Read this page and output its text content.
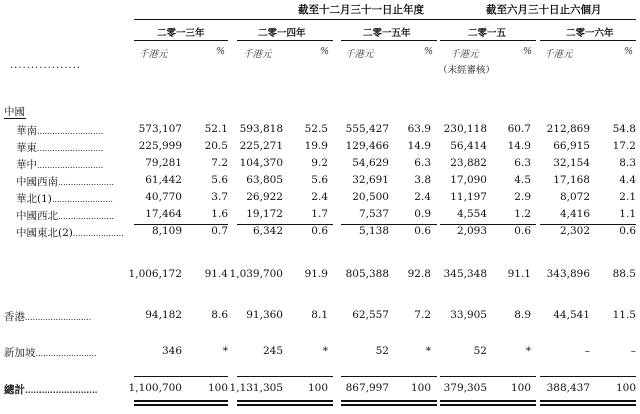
截至十二月三十一日止年度	截至六月三十日止六個月
二零一三年	二零一四年	二零一五年	二零一五	二零一六年
千港元	% 千港元	% 千港元	% 千港元	% 千港元	%
.................	（未經審核）
中國
華南..........................	573,107 52.1 593,818 52.5 555,427 63.9 230,118 60.7 212,869 54.8
華東..........................	225,999 20.5 225,271 19.9 129,466 14.9 56,414 14.9 66,915 17.2
華中..........................	79,281	7.2 104,370	9.2 54,629 6.3 23,882	6.3 32,154	8.3
中國西南......................	61,442	5.6 63,805	5.6 32,691 3.8 17,090	4.5 17,168	4.4
華北(1)........................	40,770	3.7 26,922	2.4 20,500 2.4 11,197	2.9	8,072	2.1
中國西北......................	17,464	1.6 19,172	1.7	7,537 0.9 4,554	1.2	4,416	1.1
中國東北(2)....................	8,109	0.7 6,342	0.6	5,138 0.6 2,093	0.6	2,302	0.6
1,006,172 91.4 1,039,700 91.9 805,388 92.8 345,348 91.1 343,896 88.5
香港..........................	94,182	8.6 91,360	8.1 62,557 7.2 33,905	8.9 44,541 11.5
新加坡........................	346	*	245	*	52	*	52	*	–	–
總計..........................	1,100,700 100 1,131,305 100 867,997 100 379,305 100 388,437 100
